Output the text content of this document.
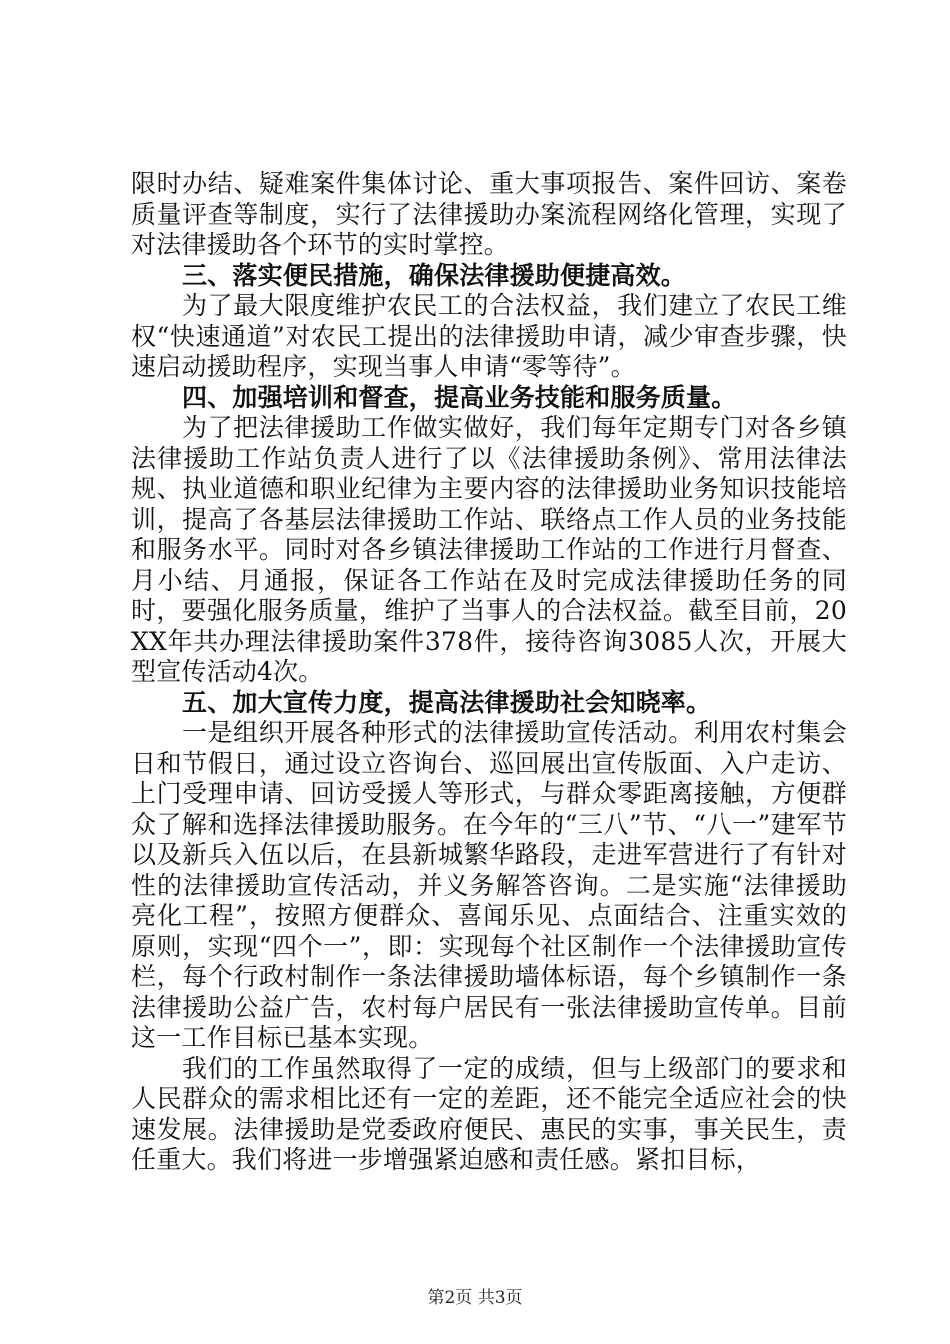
限时办结、疑难案件集体讨论、重大事项报告、案件回访、案卷质量评查等制度，实行了法律援助办案流程网络化管理，实现了对法律援助各个环节的实时掌控。

三、落实便民措施，确保法律援助便捷高效。

为了最大限度维护农民工的合法权益，我们建立了农民工维权“快速通道”对农民工提出的法律援助申请，减少审查步骤，快速启动援助程序，实现当事人申请“零等待”。

四、加强培训和督查，提高业务技能和服务质量。

为了把法律援助工作做实做好，我们每年定期专门对各乡镇法律援助工作站负责人进行了以《法律援助条例》、常用法律法规、执业道德和职业纪律为主要内容的法律援助业务知识技能培训，提高了各基层法律援助工作站、联络点工作人员的业务技能和服务水平。同时对各乡镇法律援助工作站的工作进行月督查、月小结、月通报，保证各工作站在及时完成法律援助任务的同时，要强化服务质量，维护了当事人的合法权益。截至目前，20XX年共办理法律援助案件378件，接待咨询3085人次，开展大型宣传活动4次。

五、加大宣传力度，提高法律援助社会知晓率。

一是组织开展各种形式的法律援助宣传活动。利用农村集会日和节假日，通过设立咨询台、巡回展出宣传版面、入户走访、上门受理申请、回访受援人等形式，与群众零距离接触，方便群众了解和选择法律援助服务。在今年的“三八”节、“八一”建军节以及新兵入伍以后，在县新城繁华路段，走进军营进行了有针对性的法律援助宣传活动，并义务解答咨询。二是实施“法律援助亮化工程”，按照方便群众、喜闻乐见、点面结合、注重实效的原则，实现“四个一”，即：实现每个社区制作一个法律援助宣传栏，每个行政村制作一条法律援助墙体标语，每个乡镇制作一条法律援助公益广告，农村每户居民有一张法律援助宣传单。目前这一工作目标已基本实现。

我们的工作虽然取得了一定的成绩，但与上级部门的要求和人民群众的需求相比还有一定的差距，还不能完全适应社会的快速发展。法律援助是党委政府便民、惠民的实事，事关民生，责任重大。我们将进一步增强紧迫感和责任感。紧扣目标，

第2页 共3页
